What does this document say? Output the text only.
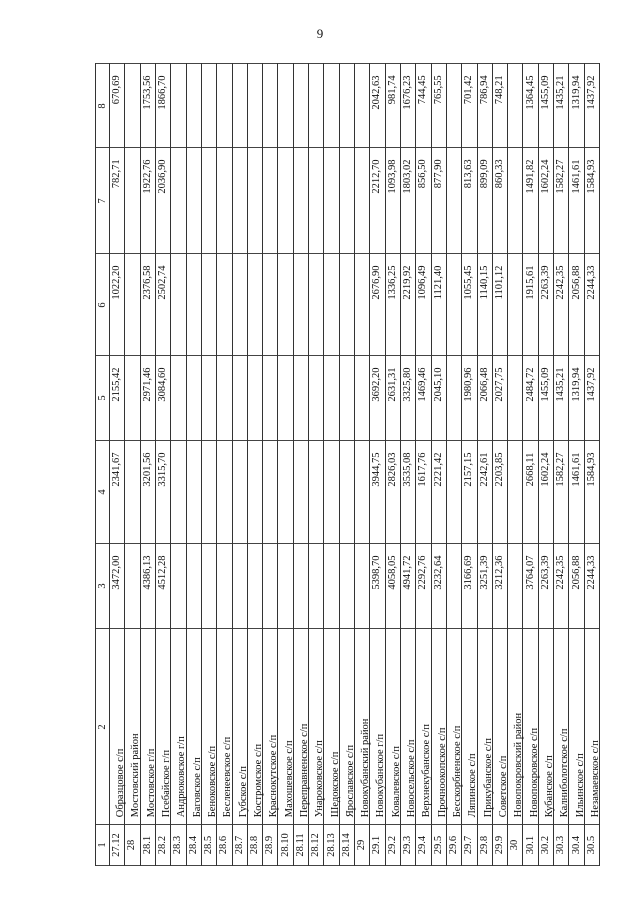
9
8
7
6
5
4
3
2
1
670,69
782,71
1022,20
2155,42
2341,67
3472,00
Образцовое с/п
27.12
Мостовский район
28
1753,56
1922,76
2376,58
2971,46
3201,56
4386,13
Мостовское г/п
28.1
1866,70
2036,90
2502,74
3084,60
3315,70
4512,28
Псебайское г/п
28.2
Андрюковское г/п
28.3
Баговское с/п
28.4
Беноковское с/п
28.5
Бесленеевское с/п
28.6
Губское с/п
28.7
Костромское с/п
28.8
Краснокутское с/п
28.9
Махошевское с/п
28.10
Переправненское с/п
28.11
Унароковское с/п
28.12
Шедокское с/п
28.13
Ярославское с/п
28.14
Новокубанский район
29
2042,63
2212,70
2676,90
3692,20
3944,75
5398,70
Новокубанское г/п
29.1
981,74
1093,98
1336,25
2631,31
2826,03
4058,05
Ковалевское с/п
29.2
1676,23
1803,02
2219,92
3325,80
3535,08
4941,72
Новосельское с/п
29.3
744,45
856,50
1096,49
1469,46
1617,76
2292,76
Верхнекубанское с/п
29.4
765,55
877,90
1121,40
2045,10
2221,42
3232,64
Прочноокопское с/п
29.5
Бесскорбненское с/п
29.6
701,42
813,63
1055,45
1980,96
2157,15
3166,69
Ляпинское с/п
29.7
786,94
899,09
1140,15
2066,48
2242,61
3251,39
Прикубанское с/п
29.8
748,21
860,33
1101,12
2027,75
2203,85
3212,36
Советское с/п
29.9
Новопокровский район
30
1364,45
1491,82
1915,61
2484,72
2668,11
3764,07
Новопокровское с/п
30.1
1455,09
1602,24
2263,39
1455,09
1602,24
2263,39
Кубанское с/п
30.2
1435,21
1582,27
2242,35
1435,21
1582,27
2242,35
Калниболотское с/п
30.3
1319,94
1461,61
2056,88
1319,94
1461,61
2056,88
Ильинское с/п
30.4
1437,92
1584,93
2244,33
1437,92
1584,93
2244,33
Незамаевское с/п
30.5
